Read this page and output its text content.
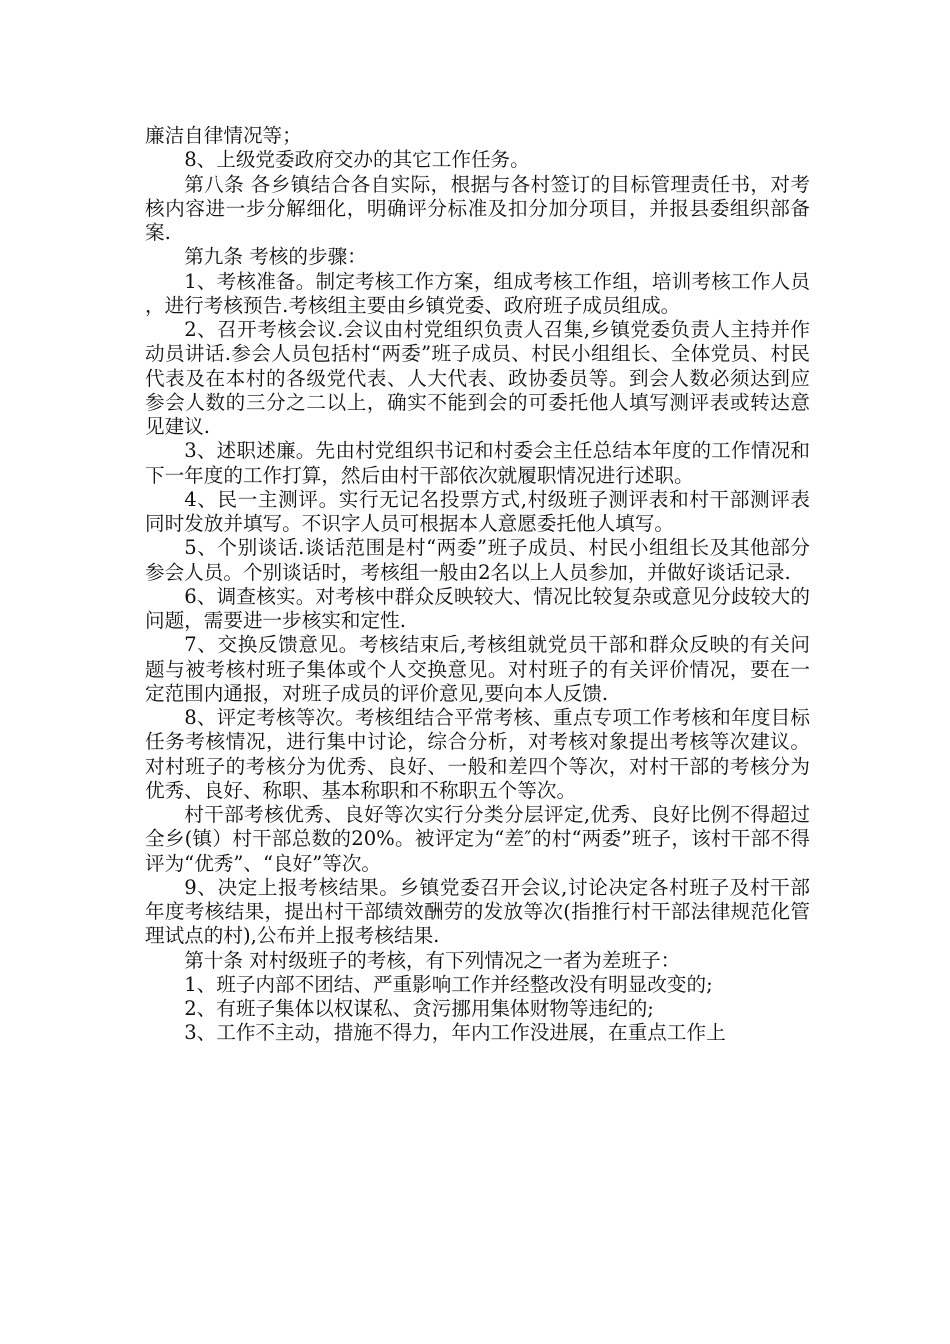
廉洁自律情况等；

8、上级党委政府交办的其它工作任务。

第八条 各乡镇结合各自实际，根据与各村签订的目标管理责任书，对考核内容进一步分解细化，明确评分标准及扣分加分项目，并报县委组织部备案.

第九条 考核的步骤：

1、考核准备。制定考核工作方案，组成考核工作组，培训考核工作人员，进行考核预告.考核组主要由乡镇党委、政府班子成员组成。

2、召开考核会议.会议由村党组织负责人召集,乡镇党委负责人主持并作动员讲话.参会人员包括村“两委”班子成员、村民小组组长、全体党员、村民代表及在本村的各级党代表、人大代表、政协委员等。到会人数必须达到应参会人数的三分之二以上，确实不能到会的可委托他人填写测评表或转达意见建议.

3、述职述廉。先由村党组织书记和村委会主任总结本年度的工作情况和下一年度的工作打算，然后由村干部依次就履职情况进行述职。

4、民一主测评。实行无记名投票方式,村级班子测评表和村干部测评表同时发放并填写。不识字人员可根据本人意愿委托他人填写。

5、个别谈话.谈话范围是村“两委”班子成员、村民小组组长及其他部分参会人员。个别谈话时，考核组一般由2名以上人员参加，并做好谈话记录.

6、调查核实。对考核中群众反映较大、情况比较复杂或意见分歧较大的问题，需要进一步核实和定性.

7、交换反馈意见。考核结束后,考核组就党员干部和群众反映的有关问题与被考核村班子集体或个人交换意见。对村班子的有关评价情况，要在一定范围内通报，对班子成员的评价意见,要向本人反馈.

8、评定考核等次。考核组结合平常考核、重点专项工作考核和年度目标任务考核情况，进行集中讨论，综合分析，对考核对象提出考核等次建议。对村班子的考核分为优秀、良好、一般和差四个等次，对村干部的考核分为优秀、良好、称职、基本称职和不称职五个等次。

村干部考核优秀、良好等次实行分类分层评定,优秀、良好比例不得超过全乡(镇）村干部总数的20%。被评定为“差″的村“两委”班子，该村干部不得评为“优秀”、“良好”等次。

9、决定上报考核结果。乡镇党委召开会议,讨论决定各村班子及村干部年度考核结果，提出村干部绩效酬劳的发放等次(指推行村干部法律规范化管理试点的村),公布并上报考核结果.

第十条 对村级班子的考核，有下列情况之一者为差班子：

1、班子内部不团结、严重影响工作并经整改没有明显改变的;

2、有班子集体以权谋私、贪污挪用集体财物等违纪的;

3、工作不主动，措施不得力，年内工作没进展，在重点工作上
